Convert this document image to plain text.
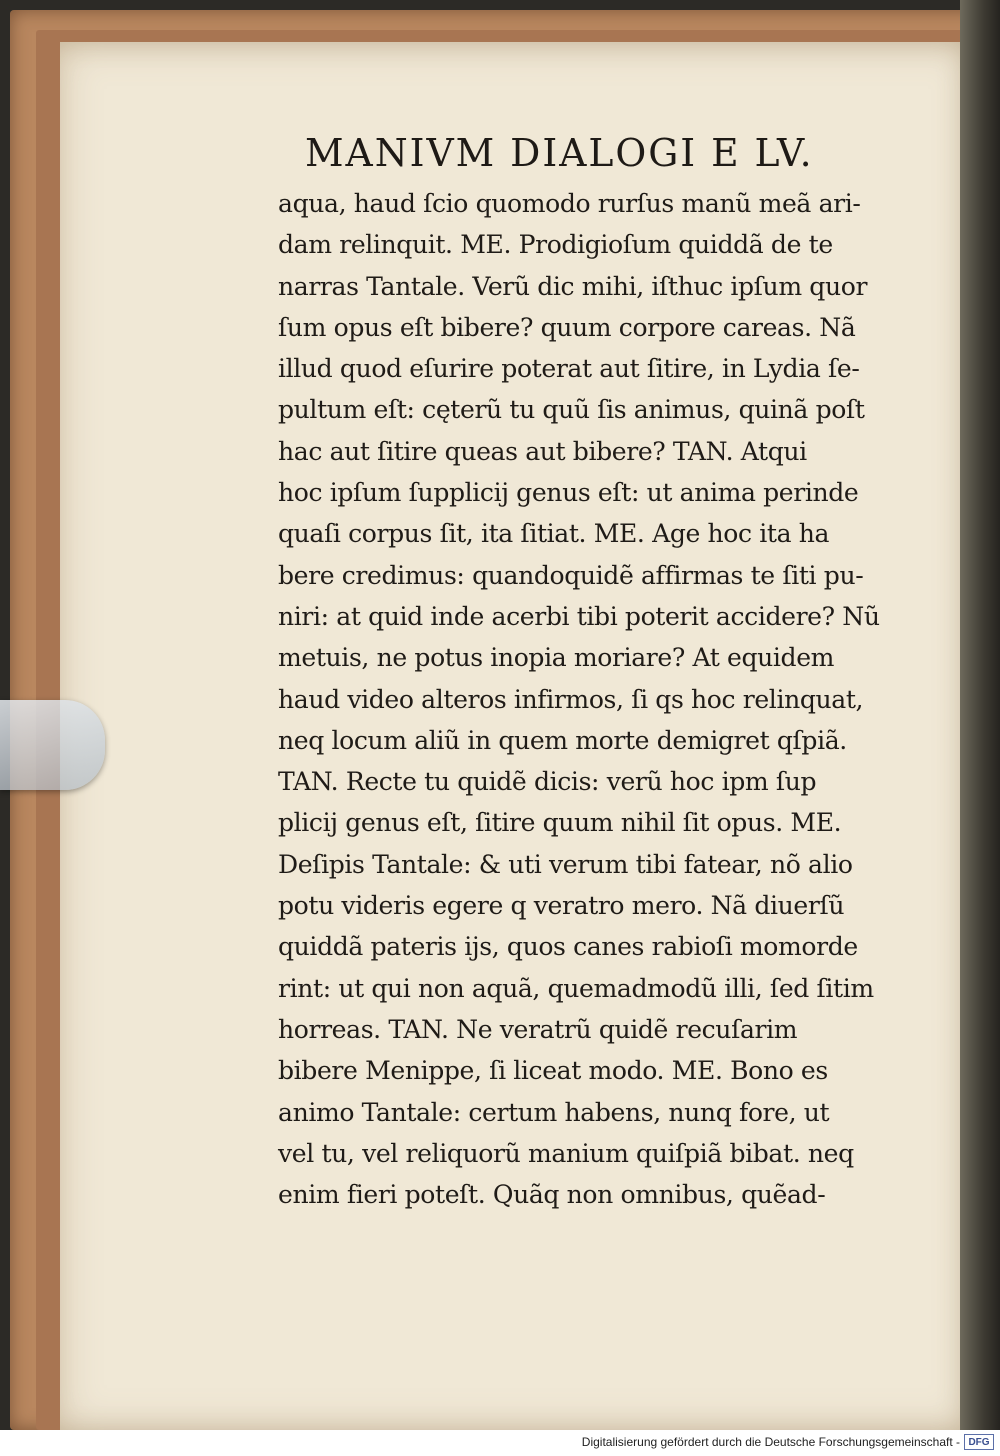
MANIVM DIALOGI E LV.
aqua, haud ſcio quomodo rurſus manũ meã ari-
dam relinquit. ME. Prodigioſum quiddã de te
narras Tantale. Verũ dic mihi, iſthuc ipſum quor
ſum opus eſt bibere? quum corpore careas. Nã
illud quod eſurire poterat aut ſitire, in Lydia ſe-
pultum eſt: cęterũ tu quũ ſis animus, quinã poſt
hac aut ſitire queas aut bibere? TAN. Atqui
hoc ipſum ſupplicij genus eſt: ut anima perinde
quaſi corpus ſit, ita ſitiat. ME. Age hoc ita ha
bere credimus: quandoquidẽ affirmas te ſiti pu-
niri: at quid inde acerbi tibi poterit accidere? Nũ
metuis, ne potus inopia moriare? At equidem
haud video alteros infirmos, ſi qs hoc relinquat,
neq locum aliũ in quem morte demigret qſpiã.
TAN. Recte tu quidẽ dicis: verũ hoc ipm ſup
plicij genus eſt, ſitire quum nihil ſit opus. ME.
Deſipis Tantale: & uti verum tibi fatear, nõ alio
potu videris egere q veratro mero. Nã diuerſũ
quiddã pateris ijs, quos canes rabioſi momorde
rint: ut qui non aquã, quemadmodũ illi, ſed ſitim
horreas. TAN. Ne veratrũ quidẽ recuſarim
bibere Menippe, ſi liceat modo. ME. Bono es
animo Tantale: certum habens, nunq fore, ut
vel tu, vel reliquorũ manium quiſpiã bibat. neq
enim fieri poteſt. Quãq non omnibus, quẽad-
Digitalisierung gefördert durch die Deutsche Forschungsgemeinschaft - DFG
